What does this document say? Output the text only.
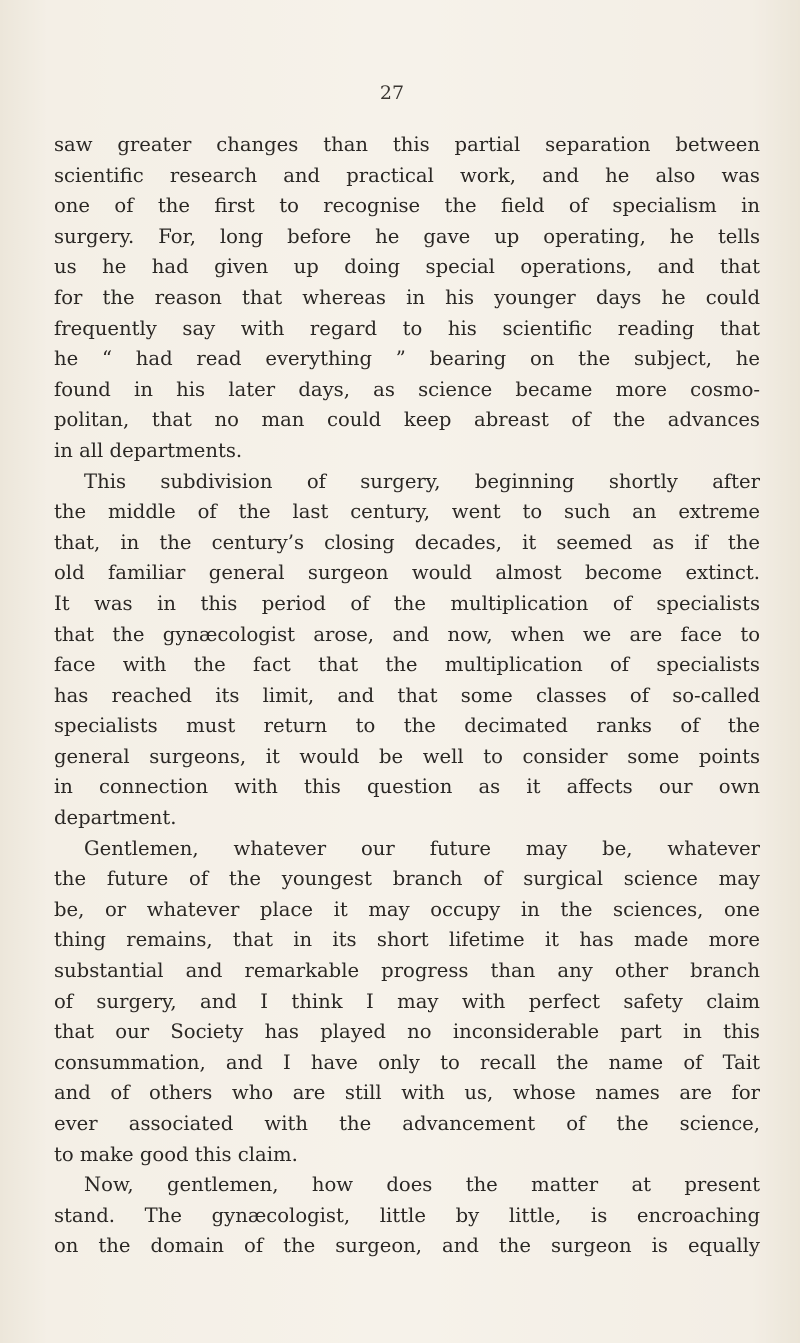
27
saw greater changes than this partial separation between
scientific research and practical work, and he also was
one of the first to recognise the field of specialism in
surgery. For, long before he gave up operating, he tells
us he had given up doing special operations, and that
for the reason that whereas in his younger days he could
frequently say with regard to his scientific reading that
he “ had read everything ” bearing on the subject, he
found in his later days, as science became more cosmo-
politan, that no man could keep abreast of the advances
in all departments.
This subdivision of surgery, beginning shortly after
the middle of the last century, went to such an extreme
that, in the century’s closing decades, it seemed as if the
old familiar general surgeon would almost become extinct.
It was in this period of the multiplication of specialists
that the gynæcologist arose, and now, when we are face to
face with the fact that the multiplication of specialists
has reached its limit, and that some classes of so-called
specialists must return to the decimated ranks of the
general surgeons, it would be well to consider some points
in connection with this question as it affects our own
department.
Gentlemen, whatever our future may be, whatever
the future of the youngest branch of surgical science may
be, or whatever place it may occupy in the sciences, one
thing remains, that in its short lifetime it has made more
substantial and remarkable progress than any other branch
of surgery, and I think I may with perfect safety claim
that our Society has played no inconsiderable part in this
consummation, and I have only to recall the name of Tait
and of others who are still with us, whose names are for
ever associated with the advancement of the science,
to make good this claim.
Now, gentlemen, how does the matter at present
stand. The gynæcologist, little by little, is encroaching
on the domain of the surgeon, and the surgeon is equally
